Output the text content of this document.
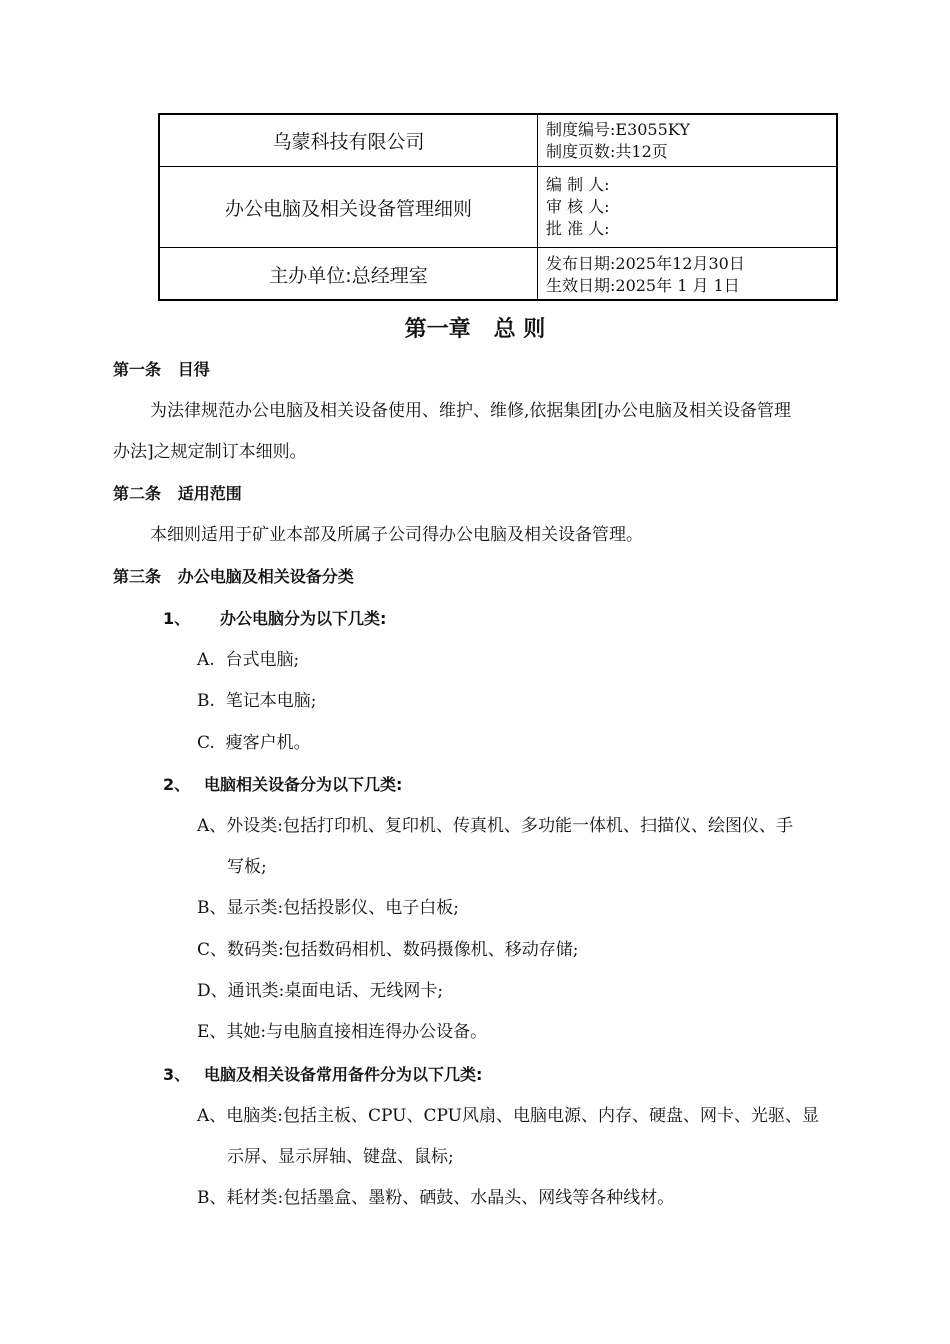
乌蒙科技有限公司
制度编号:E3055KY
制度页数:共12页
办公电脑及相关设备管理细则
编 制 人:
审 核 人:
批 准 人:
主办单位:总经理室
发布日期:2025年12月30日
生效日期:2025年 1 月 1日
第一章   总 则
第一条   目得
为法律规范办公电脑及相关设备使用、维护、维修,依据集团[办公电脑及相关设备管理
办法]之规定制订本细则。
第二条   适用范围
本细则适用于矿业本部及所属子公司得办公电脑及相关设备管理。
第三条   办公电脑及相关设备分类
1、 办公电脑分为以下几类:
A.  台式电脑;
B.  笔记本电脑;
C.  瘦客户机。
2、 电脑相关设备分为以下几类:
A、外设类:包括打印机、复印机、传真机、多功能一体机、扫描仪、绘图仪、手
写板;
B、显示类:包括投影仪、电子白板;
C、数码类:包括数码相机、数码摄像机、移动存储;
D、通讯类:桌面电话、无线网卡;
E、其她:与电脑直接相连得办公设备。
3、 电脑及相关设备常用备件分为以下几类:
A、电脑类:包括主板、CPU、CPU风扇、电脑电源、内存、硬盘、网卡、光驱、显
示屏、显示屏轴、键盘、鼠标;
B、耗材类:包括墨盒、墨粉、硒鼓、水晶头、网线等各种线材。
